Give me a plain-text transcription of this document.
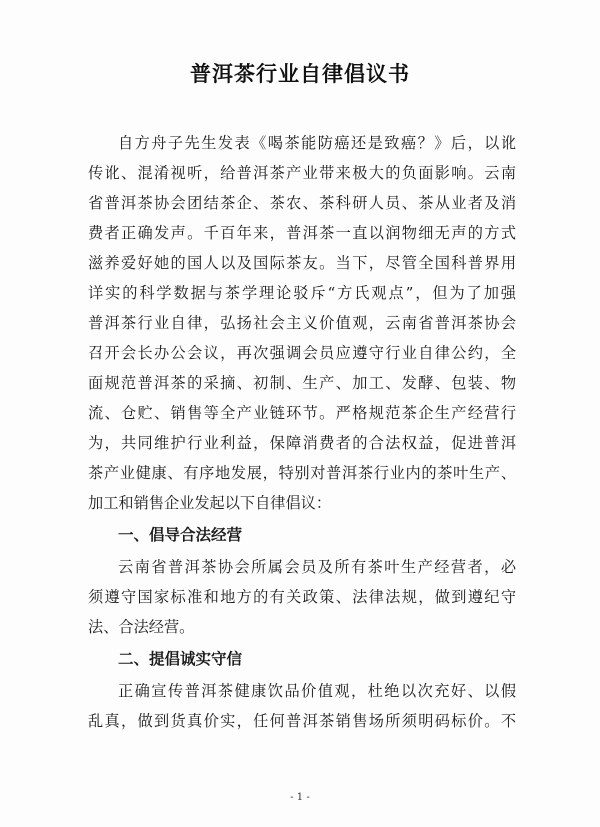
普洱茶行业自律倡议书
自方舟子先生发表《喝茶能防癌还是致癌？》后，以讹
传讹、混淆视听，给普洱茶产业带来极大的负面影响。云南
省普洱茶协会团结茶企、茶农、茶科研人员、茶从业者及消
费者正确发声。千百年来，普洱茶一直以润物细无声的方式
滋养爱好她的国人以及国际茶友。当下，尽管全国科普界用
详实的科学数据与茶学理论驳斥“方氏观点”，但为了加强
普洱茶行业自律，弘扬社会主义价值观，云南省普洱茶协会
召开会长办公会议，再次强调会员应遵守行业自律公约，全
面规范普洱茶的采摘、初制、生产、加工、发酵、包装、物
流、仓贮、销售等全产业链环节。严格规范茶企生产经营行
为，共同维护行业利益，保障消费者的合法权益，促进普洱
茶产业健康、有序地发展，特别对普洱茶行业内的茶叶生产、
加工和销售企业发起以下自律倡议：
一、倡导合法经营
云南省普洱茶协会所属会员及所有茶叶生产经营者，必
须遵守国家标准和地方的有关政策、法律法规，做到遵纪守
法、合法经营。
二、提倡诚实守信
正确宣传普洱茶健康饮品价值观，杜绝以次充好、以假
乱真，做到货真价实，任何普洱茶销售场所须明码标价。不
- 1 -
